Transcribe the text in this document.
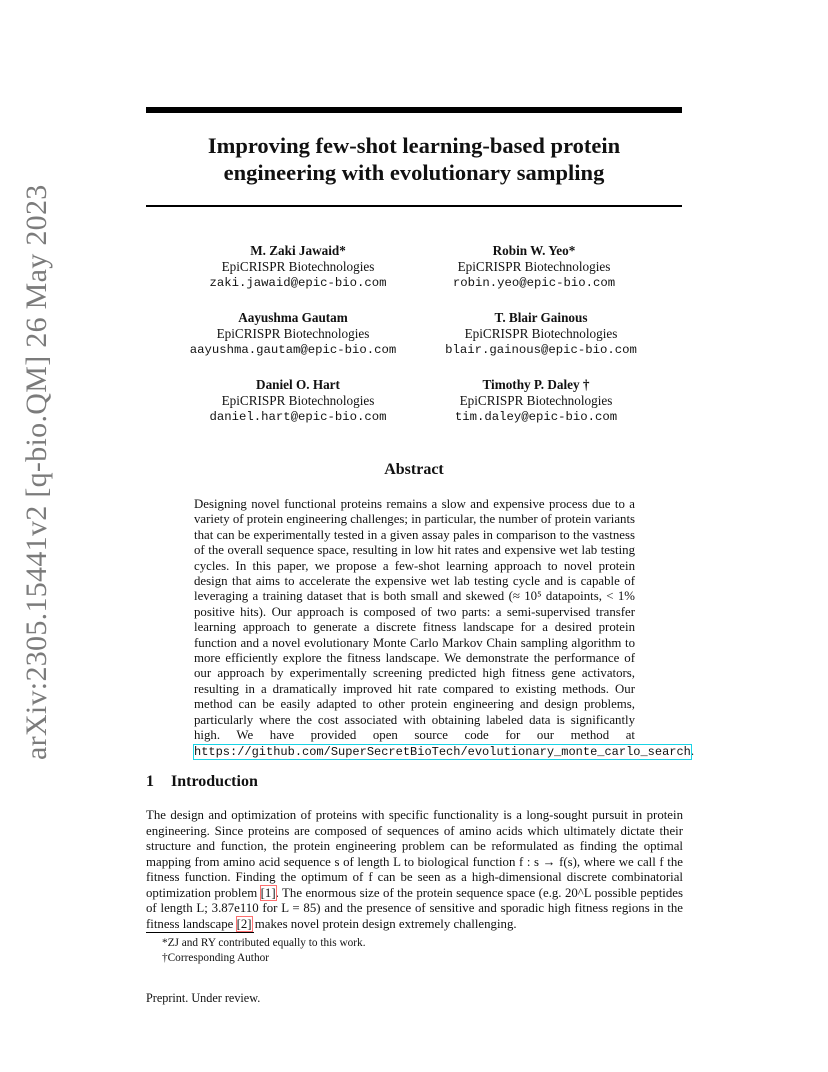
arXiv:2305.15441v2 [q-bio.QM] 26 May 2023
Improving few-shot learning-based protein
engineering with evolutionary sampling
M. Zaki Jawaid*
EpiCRISPR Biotechnologies
zaki.jawaid@epic-bio.com
Robin W. Yeo*
EpiCRISPR Biotechnologies
robin.yeo@epic-bio.com
Aayushma Gautam
EpiCRISPR Biotechnologies
aayushma.gautam@epic-bio.com
T. Blair Gainous
EpiCRISPR Biotechnologies
blair.gainous@epic-bio.com
Daniel O. Hart
EpiCRISPR Biotechnologies
daniel.hart@epic-bio.com
Timothy P. Daley †
EpiCRISPR Biotechnologies
tim.daley@epic-bio.com
Abstract
Designing novel functional proteins remains a slow and expensive process due to a variety of protein engineering challenges; in particular, the number of protein variants that can be experimentally tested in a given assay pales in comparison to the vastness of the overall sequence space, resulting in low hit rates and expensive wet lab testing cycles. In this paper, we propose a few-shot learning approach to novel protein design that aims to accelerate the expensive wet lab testing cycle and is capable of leveraging a training dataset that is both small and skewed (≈ 10⁵ datapoints, < 1% positive hits). Our approach is composed of two parts: a semi-supervised transfer learning approach to generate a discrete fitness landscape for a desired protein function and a novel evolutionary Monte Carlo Markov Chain sampling algorithm to more efficiently explore the fitness landscape. We demonstrate the performance of our approach by experimentally screening predicted high fitness gene activators, resulting in a dramatically improved hit rate compared to existing methods. Our method can be easily adapted to other protein engineering and design problems, particularly where the cost associated with obtaining labeled data is significantly high. We have provided open source code for our method at https://github.com/SuperSecretBioTech/evolutionary_monte_carlo_search.
1 Introduction
The design and optimization of proteins with specific functionality is a long-sought pursuit in protein engineering. Since proteins are composed of sequences of amino acids which ultimately dictate their structure and function, the protein engineering problem can be reformulated as finding the optimal mapping from amino acid sequence s of length L to biological function f : s → f(s), where we call f the fitness function. Finding the optimum of f can be seen as a high-dimensional discrete combinatorial optimization problem [1]. The enormous size of the protein sequence space (e.g. 20^L possible peptides of length L; 3.87e110 for L = 85) and the presence of sensitive and sporadic high fitness regions in the fitness landscape [2] makes novel protein design extremely challenging.
*ZJ and RY contributed equally to this work.
†Corresponding Author
Preprint. Under review.
